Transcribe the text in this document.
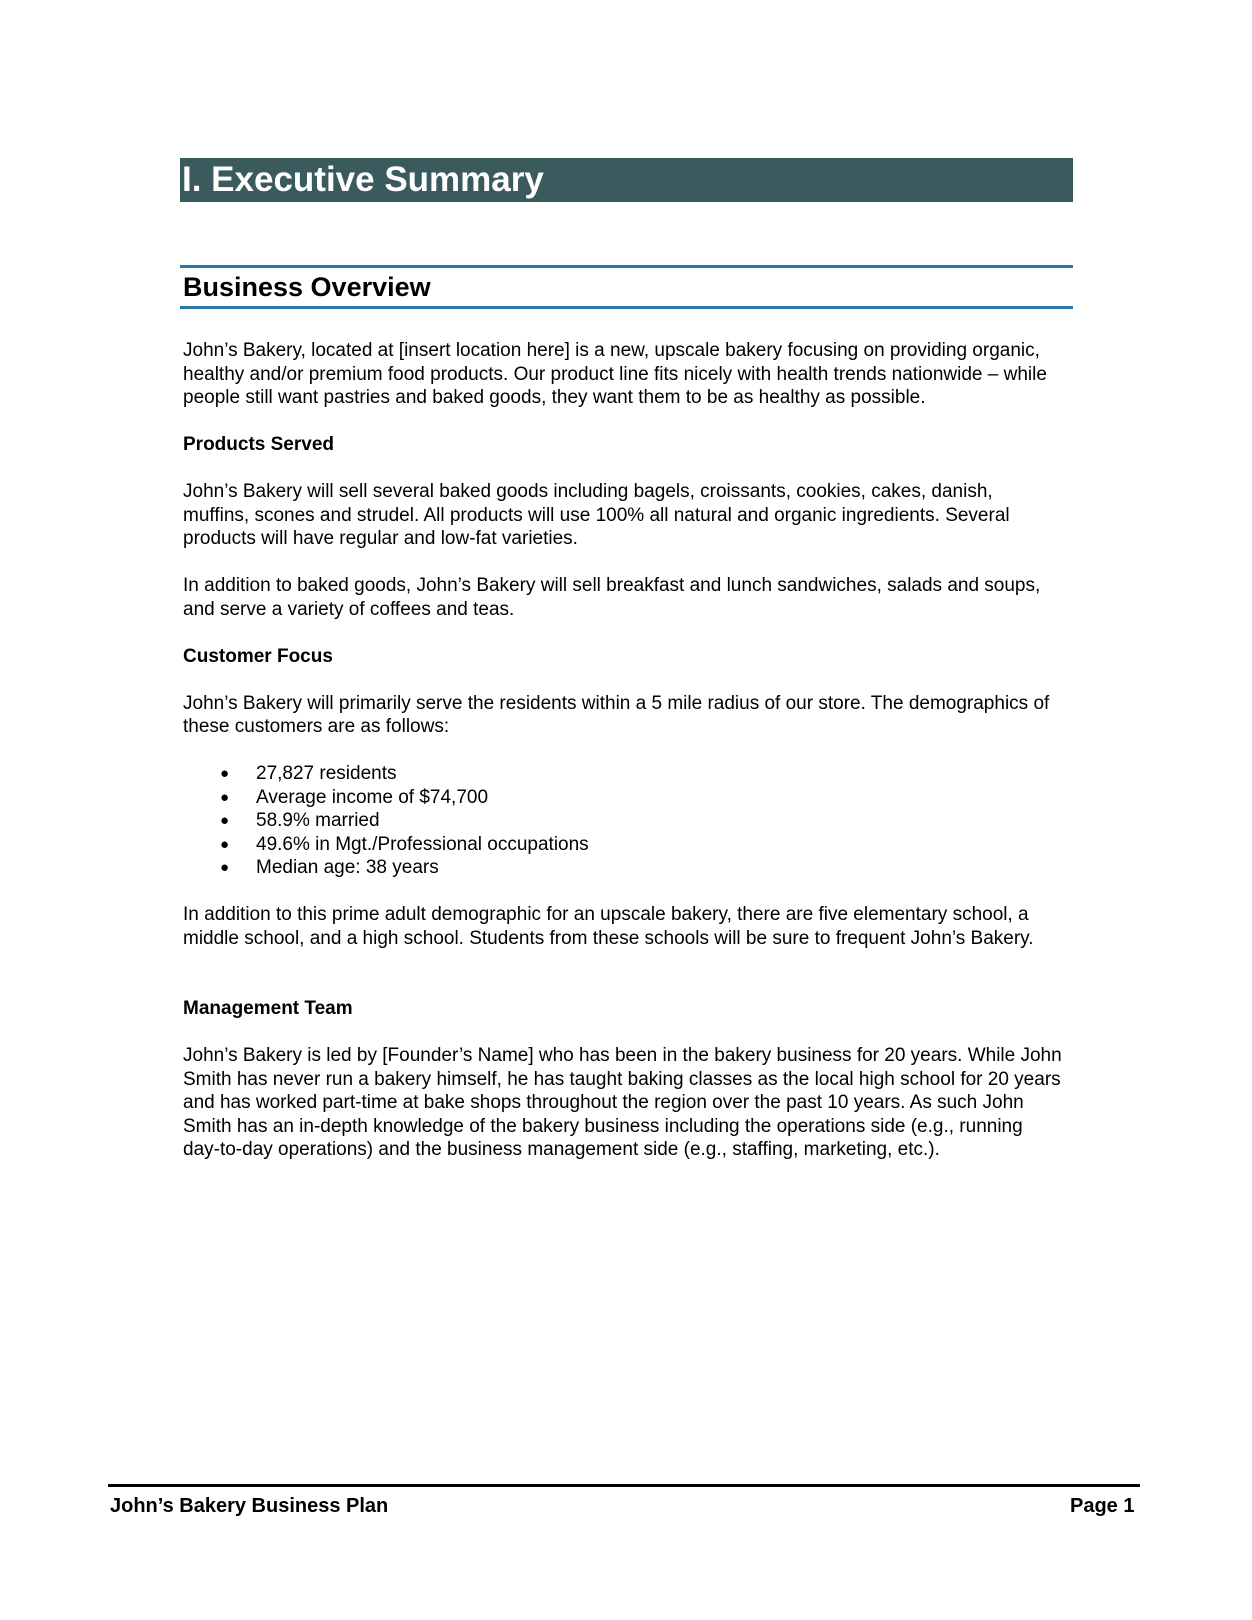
I. Executive Summary
Business Overview

John’s Bakery, located at [insert location here] is a new, upscale bakery focusing on providing organic, healthy and/or premium food products. Our product line fits nicely with health trends nationwide – while people still want pastries and baked goods, they want them to be as healthy as possible.

Products Served

John’s Bakery will sell several baked goods including bagels, croissants, cookies, cakes, danish, muffins, scones and strudel. All products will use 100% all natural and organic ingredients. Several products will have regular and low-fat varieties.

In addition to baked goods, John’s Bakery will sell breakfast and lunch sandwiches, salads and soups, and serve a variety of coffees and teas.

Customer Focus

John’s Bakery will primarily serve the residents within a 5 mile radius of our store. The demographics of these customers are as follows:

● 27,827 residents
● Average income of $74,700
● 58.9% married
● 49.6% in Mgt./Professional occupations
● Median age: 38 years

In addition to this prime adult demographic for an upscale bakery, there are five elementary school, a middle school, and a high school. Students from these schools will be sure to frequent John’s Bakery.

Management Team

John’s Bakery is led by [Founder’s Name] who has been in the bakery business for 20 years. While John Smith has never run a bakery himself, he has taught baking classes as the local high school for 20 years and has worked part-time at bake shops throughout the region over the past 10 years. As such John Smith has an in-depth knowledge of the bakery business including the operations side (e.g., running day-to-day operations) and the business management side (e.g., staffing, marketing, etc.).

John’s Bakery Business Plan	Page 1
